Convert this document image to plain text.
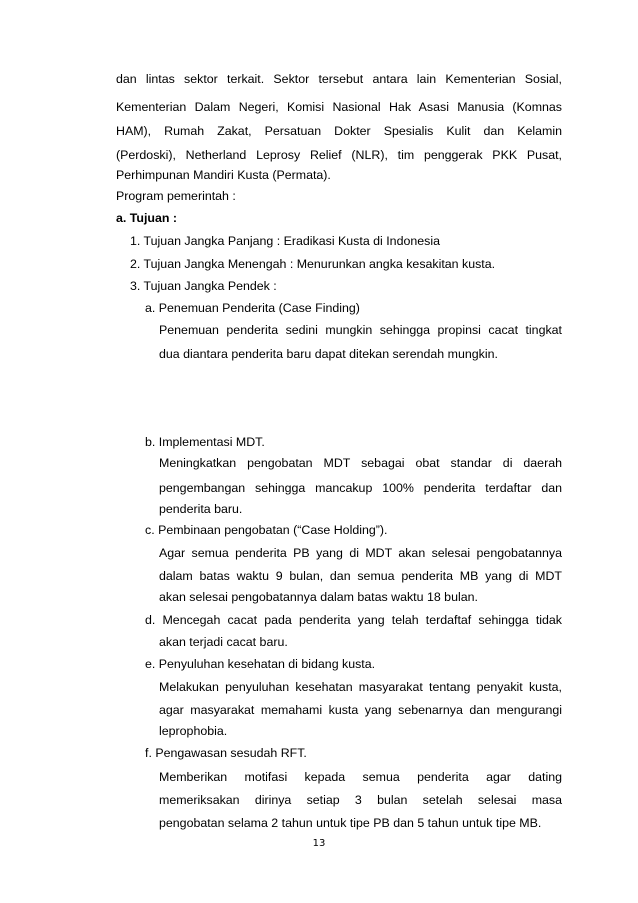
dan lintas sektor terkait. Sektor tersebut antara lain Kementerian Sosial,
Kementerian Dalam Negeri, Komisi Nasional Hak Asasi Manusia (Komnas
HAM), Rumah Zakat, Persatuan Dokter Spesialis Kulit dan Kelamin
(Perdoski), Netherland Leprosy Relief (NLR), tim penggerak PKK Pusat,
Perhimpunan Mandiri Kusta (Permata).
Program pemerintah :
a. Tujuan :
1. Tujuan Jangka Panjang : Eradikasi Kusta di Indonesia
2. Tujuan Jangka Menengah : Menurunkan angka kesakitan kusta.
3. Tujuan Jangka Pendek :
a. Penemuan Penderita (Case Finding)
Penemuan penderita sedini mungkin sehingga propinsi cacat tingkat
dua diantara penderita baru dapat ditekan serendah mungkin.
b. Implementasi MDT.
Meningkatkan pengobatan MDT sebagai obat standar di daerah
pengembangan sehingga mancakup 100% penderita terdaftar dan
penderita baru.
c. Pembinaan pengobatan (“Case Holding”).
Agar semua penderita PB yang di MDT akan selesai pengobatannya
dalam batas waktu 9 bulan, dan semua penderita MB yang di MDT
akan selesai pengobatannya dalam batas waktu 18 bulan.
d. Mencegah cacat pada penderita yang telah terdaftaf sehingga tidak
akan terjadi cacat baru.
e. Penyuluhan kesehatan di bidang kusta.
Melakukan penyuluhan kesehatan masyarakat tentang penyakit kusta,
agar masyarakat memahami kusta yang sebenarnya dan mengurangi
leprophobia.
f. Pengawasan sesudah RFT.
Memberikan motifasi kepada semua penderita agar dating
memeriksakan dirinya setiap 3 bulan setelah selesai masa
pengobatan selama 2 tahun untuk tipe PB dan 5 tahun untuk tipe MB.
13
